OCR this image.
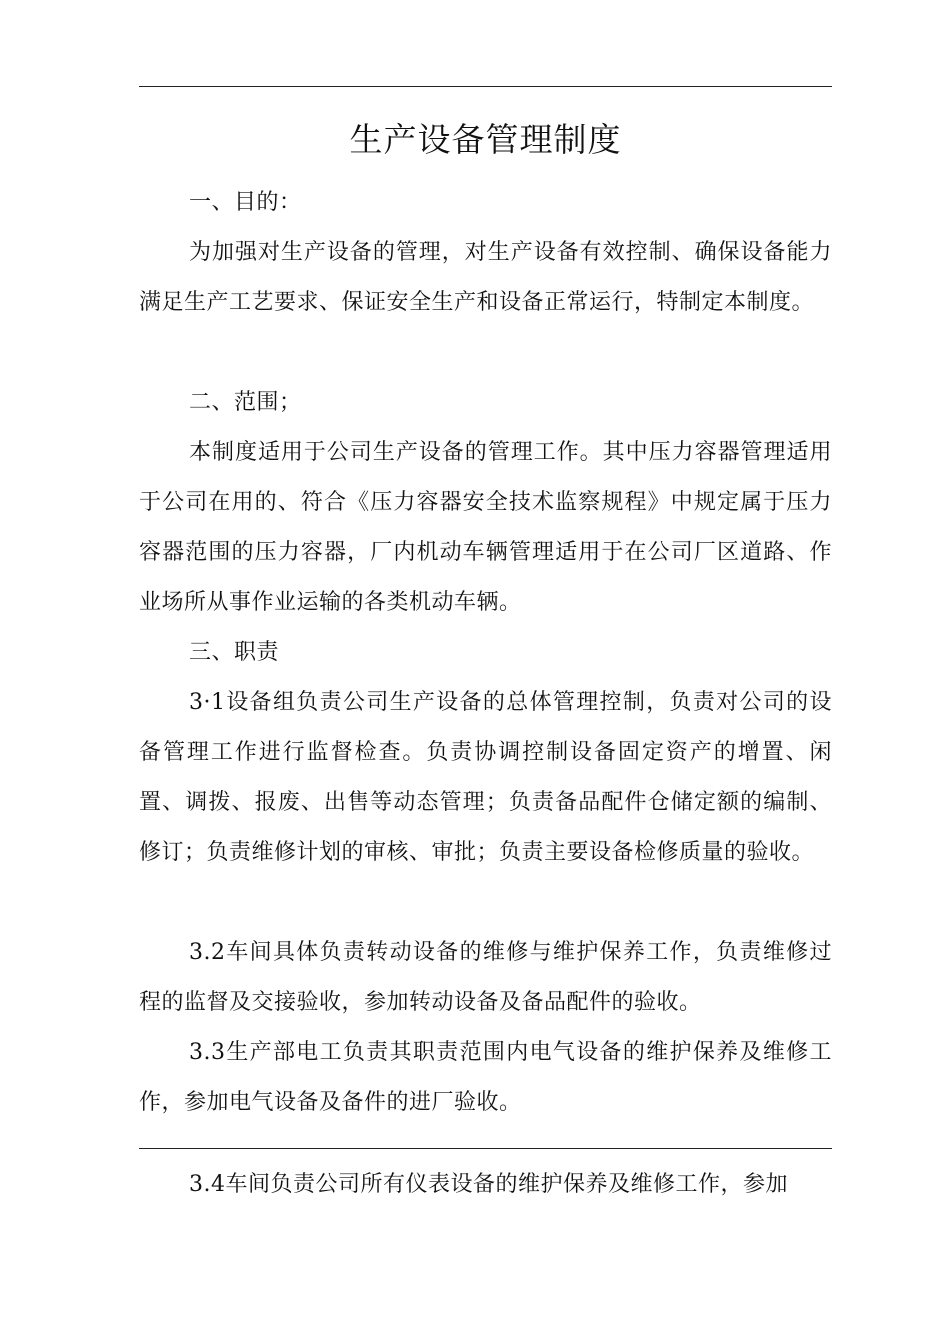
生产设备管理制度

一、目的：

为加强对生产设备的管理，对生产设备有效控制、确保设备能力满足生产工艺要求、保证安全生产和设备正常运行，特制定本制度。

二、范围；

本制度适用于公司生产设备的管理工作。其中压力容器管理适用于公司在用的、符合《压力容器安全技术监察规程》中规定属于压力容器范围的压力容器，厂内机动车辆管理适用于在公司厂区道路、作业场所从事作业运输的各类机动车辆。

三、职责

3·1设备组负责公司生产设备的总体管理控制，负责对公司的设备管理工作进行监督检查。负责协调控制设备固定资产的增置、闲置、调拨、报废、出售等动态管理；负责备品配件仓储定额的编制、修订；负责维修计划的审核、审批；负责主要设备检修质量的验收。

3.2车间具体负责转动设备的维修与维护保养工作，负责维修过程的监督及交接验收，参加转动设备及备品配件的验收。

3.3生产部电工负责其职责范围内电气设备的维护保养及维修工作，参加电气设备及备件的进厂验收。

3.4车间负责公司所有仪表设备的维护保养及维修工作，参加
